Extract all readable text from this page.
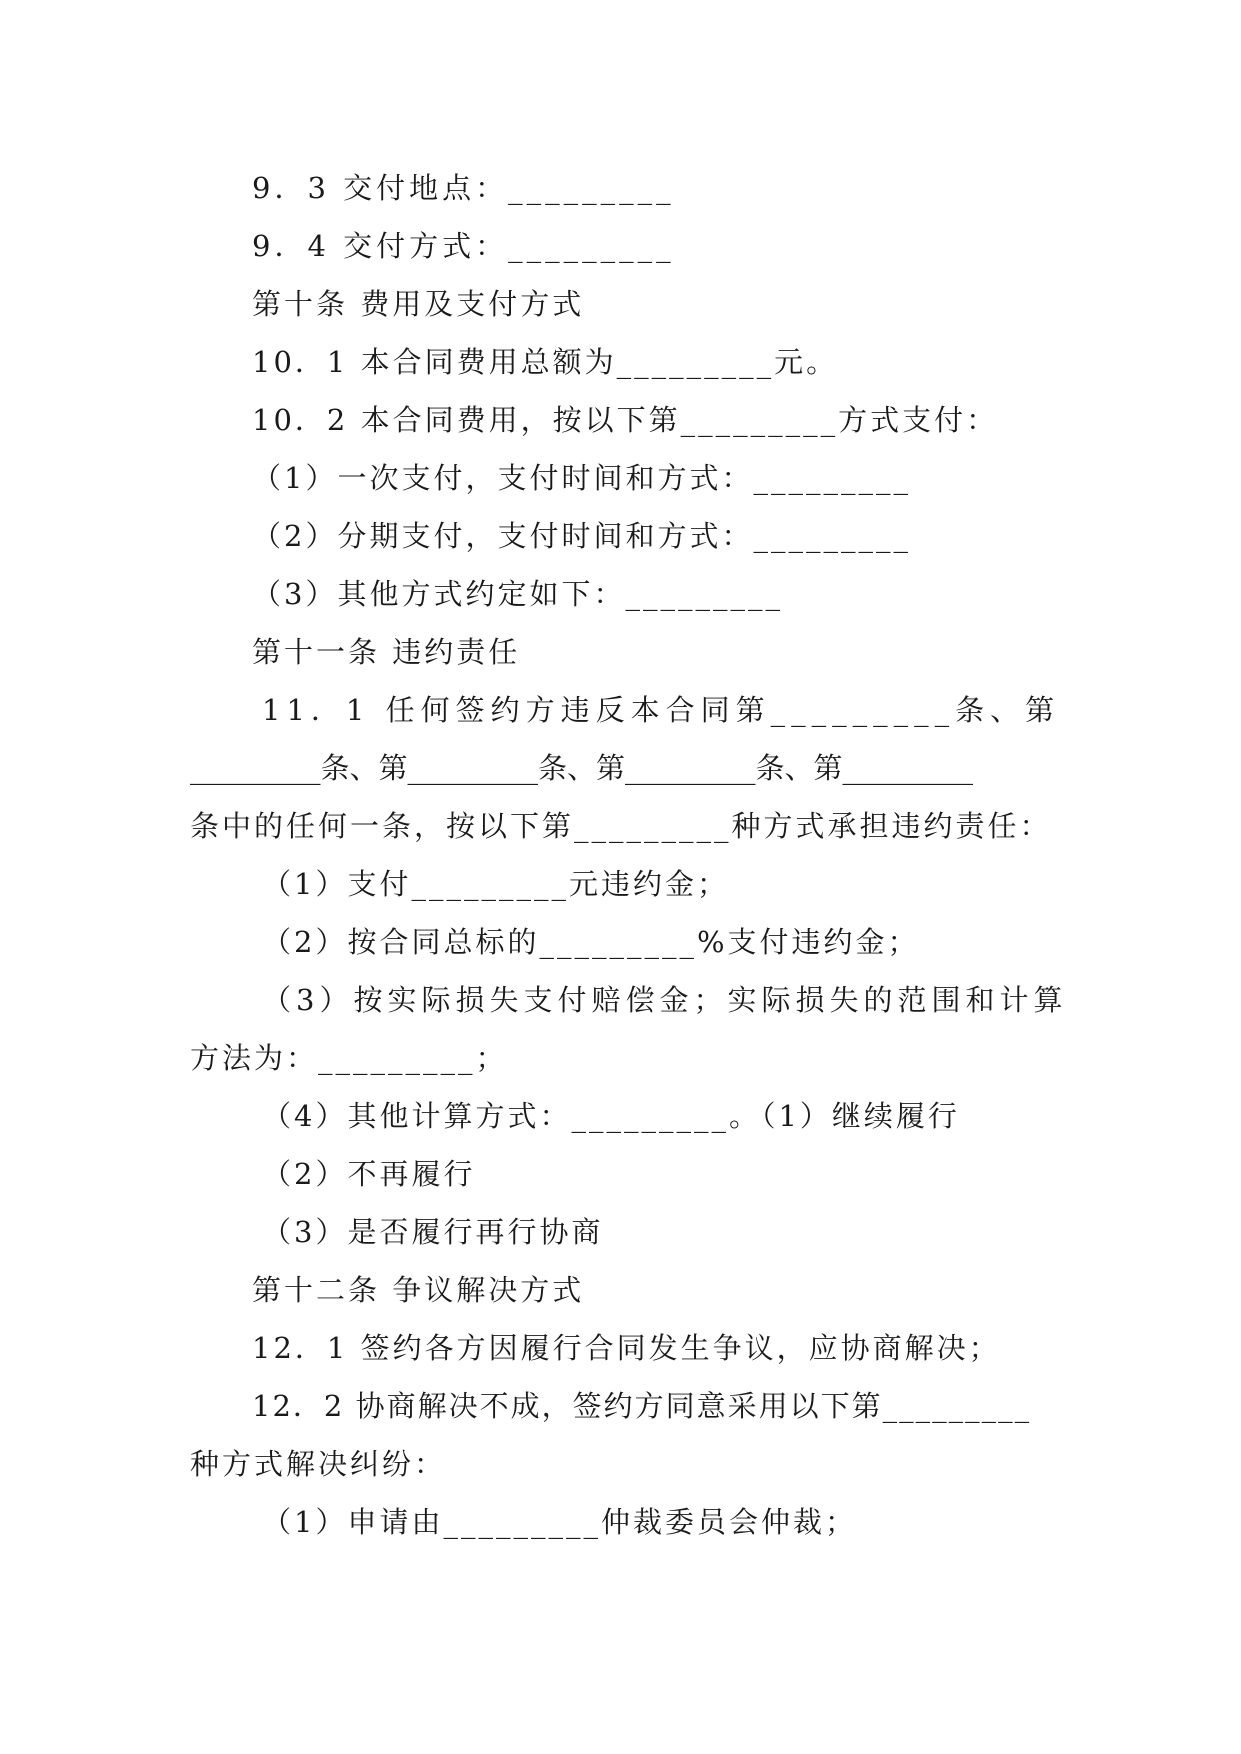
9．3 交付地点：_________

9．4 交付方式：_________

第十条 费用及支付方式

10．1 本合同费用总额为_________元。

10．2 本合同费用，按以下第_________方式支付：

（1）一次支付，支付时间和方式：_________

（2）分期支付，支付时间和方式：_________

（3）其他方式约定如下：_________

第十一条 违约责任

11．1 任何签约方违反本合同第_________条、第

_________条、第_________条、第_________条、第_________

条中的任何一条，按以下第_________种方式承担违约责任：

（1）支付_________元违约金；

（2）按合同总标的_________%支付违约金；

（3）按实际损失支付赔偿金；实际损失的范围和计算

方法为：_________；

（4）其他计算方式：_________。（1）继续履行

（2）不再履行

（3）是否履行再行协商

第十二条 争议解决方式

12．1 签约各方因履行合同发生争议，应协商解决；

12．2 协商解决不成，签约方同意采用以下第_________

种方式解决纠纷：

（1）申请由_________仲裁委员会仲裁；
